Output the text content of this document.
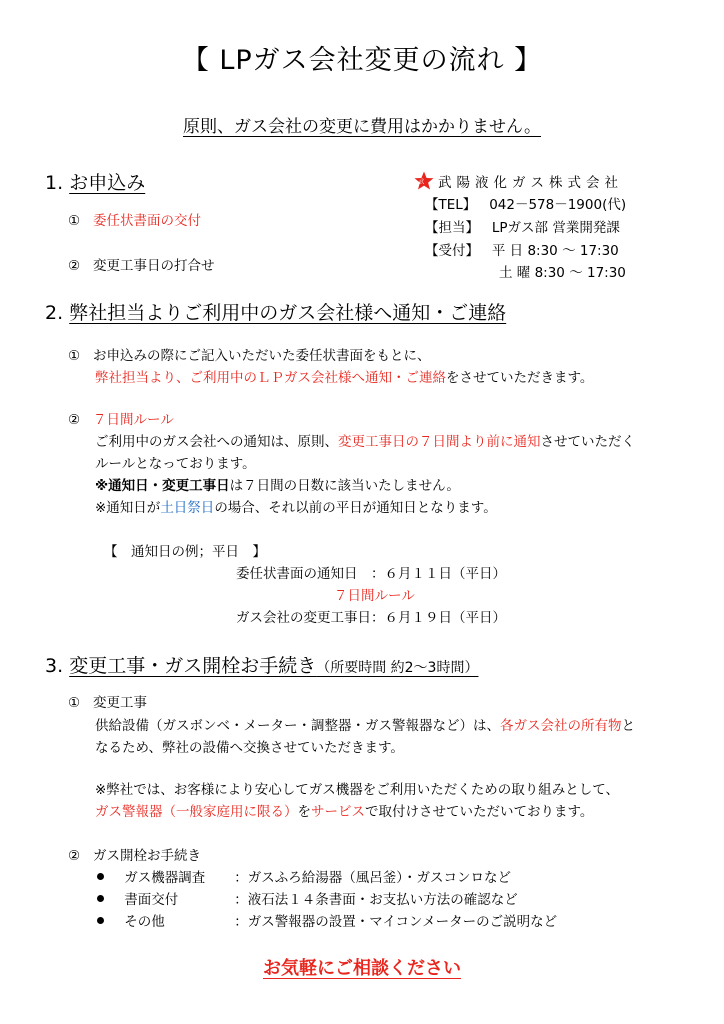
【 LPガス会社変更の流れ 】
原則、ガス会社の変更に費用はかかりません。
1. お申込み
① 委任状書面の交付
② 変更工事日の打合せ
武 武陽液化ガス株式会社
【TEL】 042－578－1900(代)
【担当】 LPガス部 営業開発課
【受付】 平 日 8:30 ～ 17:30
土 曜 8:30 ～ 17:30
2. 弊社担当よりご利用中のガス会社様へ通知・ご連絡
① お申込みの際にご記入いただいた委任状書面をもとに、
弊社担当より、ご利用中のＬＰガス会社様へ通知・ご連絡をさせていただきます。
② ７日間ルール
ご利用中のガス会社への通知は、原則、変更工事日の７日間より前に通知させていただく
ルールとなっております。
※通知日・変更工事日は７日間の日数に該当いたしません。
※通知日が土日祭日の場合、それ以前の平日が通知日となります。
【　通知日の例；平日　】
委任状書面の通知日　：６月１１日（平日）
７日間ルール
ガス会社の変更工事日：６月１９日（平日）
3. 変更工事・ガス開栓お手続き（所要時間 約2～3時間）
① 変更工事
供給設備（ガスボンベ・メーター・調整器・ガス警報器など）は、各ガス会社の所有物と
なるため、弊社の設備へ交換させていただきます。
※弊社では、お客様により安心してガス機器をご利用いただくための取り組みとして、
ガス警報器（一般家庭用に限る）をサービスで取付けさせていただいております。
② ガス開栓お手続き
ガス機器調査 ：ガスふろ給湯器（風呂釜）・ガスコンロなど
書面交付	：液石法１４条書面・お支払い方法の確認など
その他	：ガス警報器の設置・マイコンメーターのご説明など
お気軽にご相談ください
